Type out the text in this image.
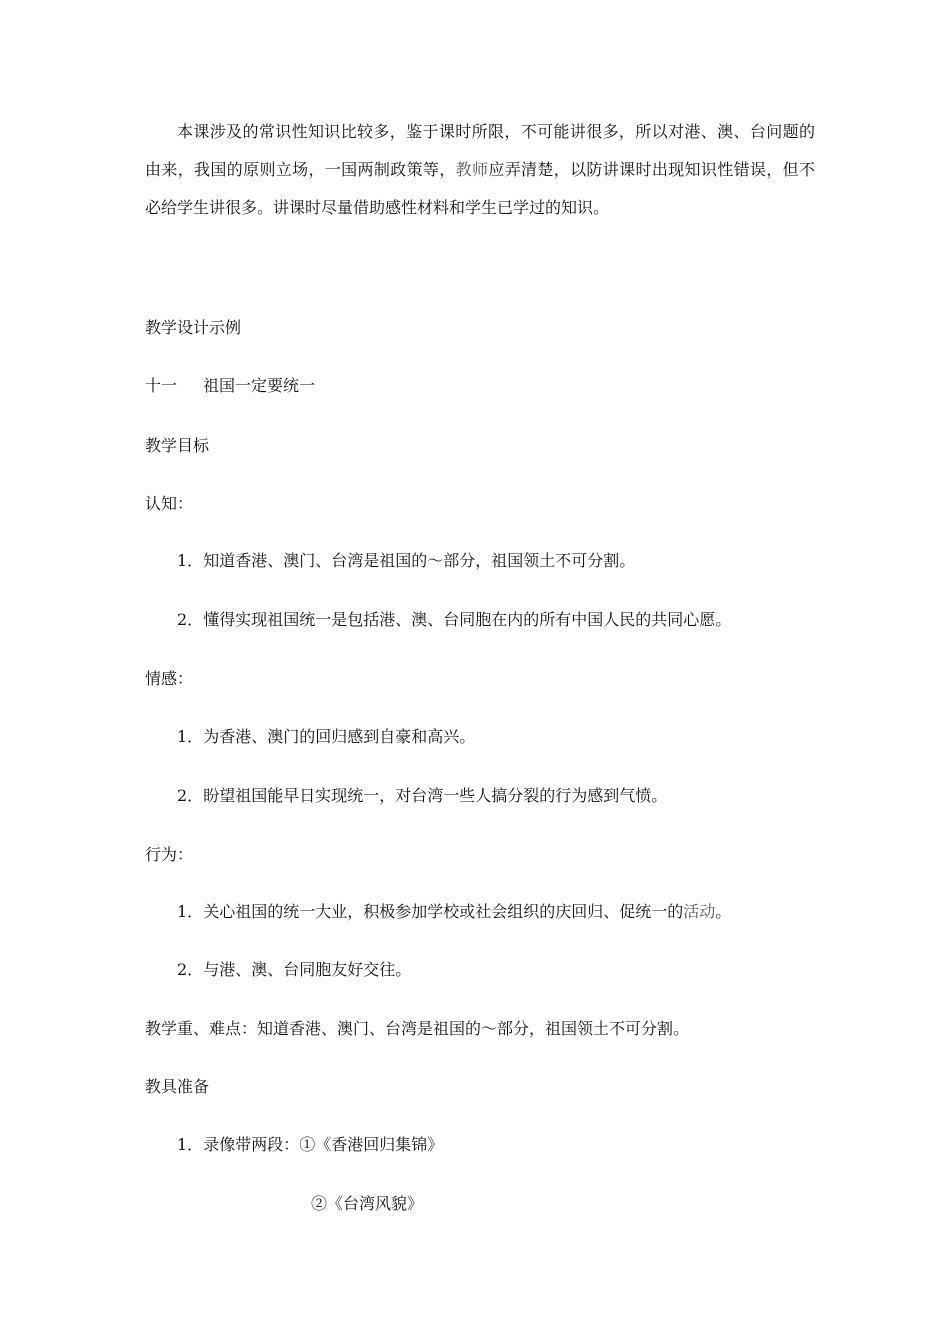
本课涉及的常识性知识比较多，鉴于课时所限，不可能讲很多，所以对港、澳、台问题的由来，我国的原则立场，一国两制政策等，教师应弄清楚，以防讲课时出现知识性错误，但不必给学生讲很多。讲课时尽量借助感性材料和学生已学过的知识。
教学设计示例
十一 祖国一定要统一
教学目标
认知：
1．知道香港、澳门、台湾是祖国的～部分，祖国领土不可分割。
2．懂得实现祖国统一是包括港、澳、台同胞在内的所有中国人民的共同心愿。
情感：
1．为香港、澳门的回归感到自豪和高兴。
2．盼望祖国能早日实现统一，对台湾一些人搞分裂的行为感到气愤。
行为：
1．关心祖国的统一大业，积极参加学校或社会组织的庆回归、促统一的活动。
2．与港、澳、台同胞友好交往。
教学重、难点：知道香港、澳门、台湾是祖国的～部分，祖国领土不可分割。
教具准备
1．录像带两段：①《香港回归集锦》
②《台湾风貌》
